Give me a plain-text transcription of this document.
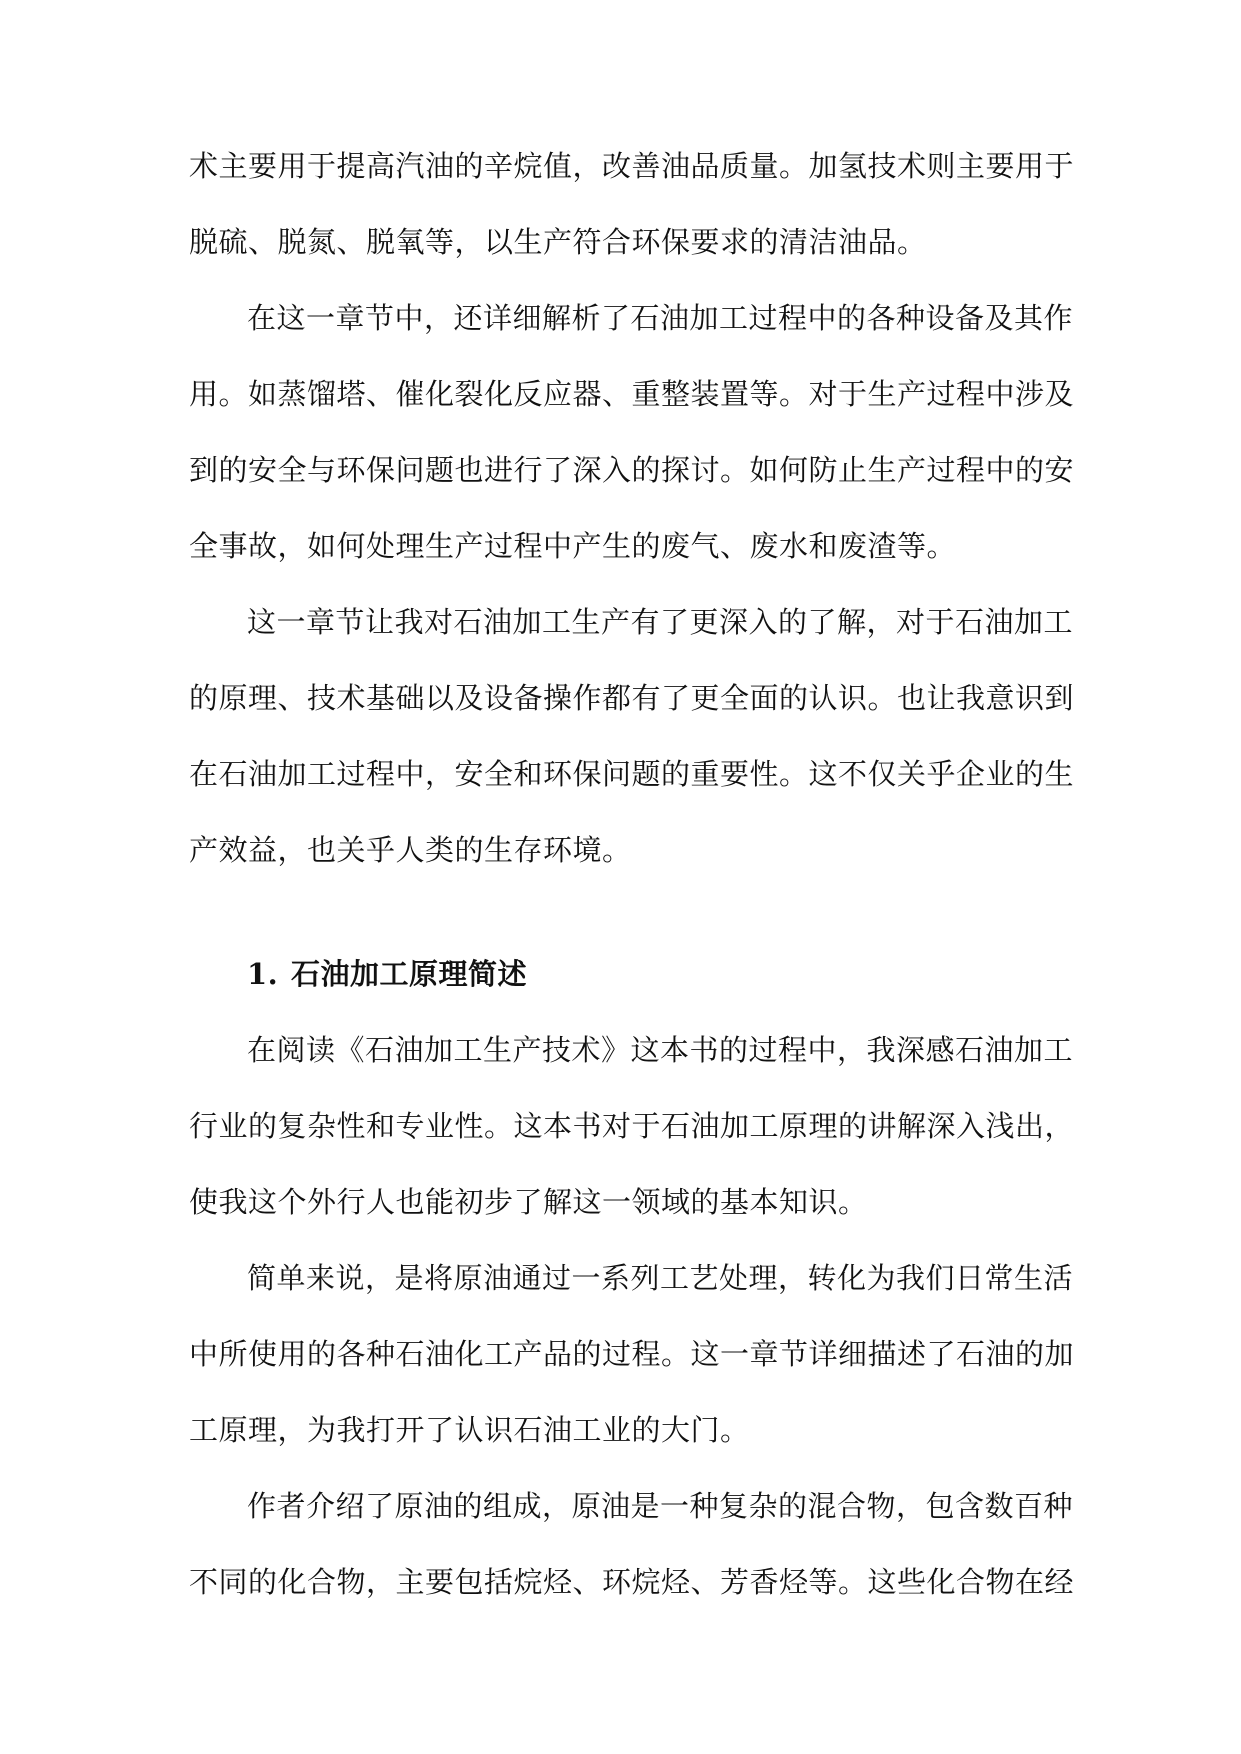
术主要用于提高汽油的辛烷值，改善油品质量。加氢技术则主要用于
脱硫、脱氮、脱氧等，以生产符合环保要求的清洁油品。
在这一章节中，还详细解析了石油加工过程中的各种设备及其作
用。如蒸馏塔、催化裂化反应器、重整装置等。对于生产过程中涉及
到的安全与环保问题也进行了深入的探讨。如何防止生产过程中的安
全事故，如何处理生产过程中产生的废气、废水和废渣等。
这一章节让我对石油加工生产有了更深入的了解，对于石油加工
的原理、技术基础以及设备操作都有了更全面的认识。也让我意识到
在石油加工过程中，安全和环保问题的重要性。这不仅关乎企业的生
产效益，也关乎人类的生存环境。
1. 石油加工原理简述
在阅读《石油加工生产技术》这本书的过程中，我深感石油加工
行业的复杂性和专业性。这本书对于石油加工原理的讲解深入浅出，
使我这个外行人也能初步了解这一领域的基本知识。
简单来说，是将原油通过一系列工艺处理，转化为我们日常生活
中所使用的各种石油化工产品的过程。这一章节详细描述了石油的加
工原理，为我打开了认识石油工业的大门。
作者介绍了原油的组成，原油是一种复杂的混合物，包含数百种
不同的化合物，主要包括烷烃、环烷烃、芳香烃等。这些化合物在经
